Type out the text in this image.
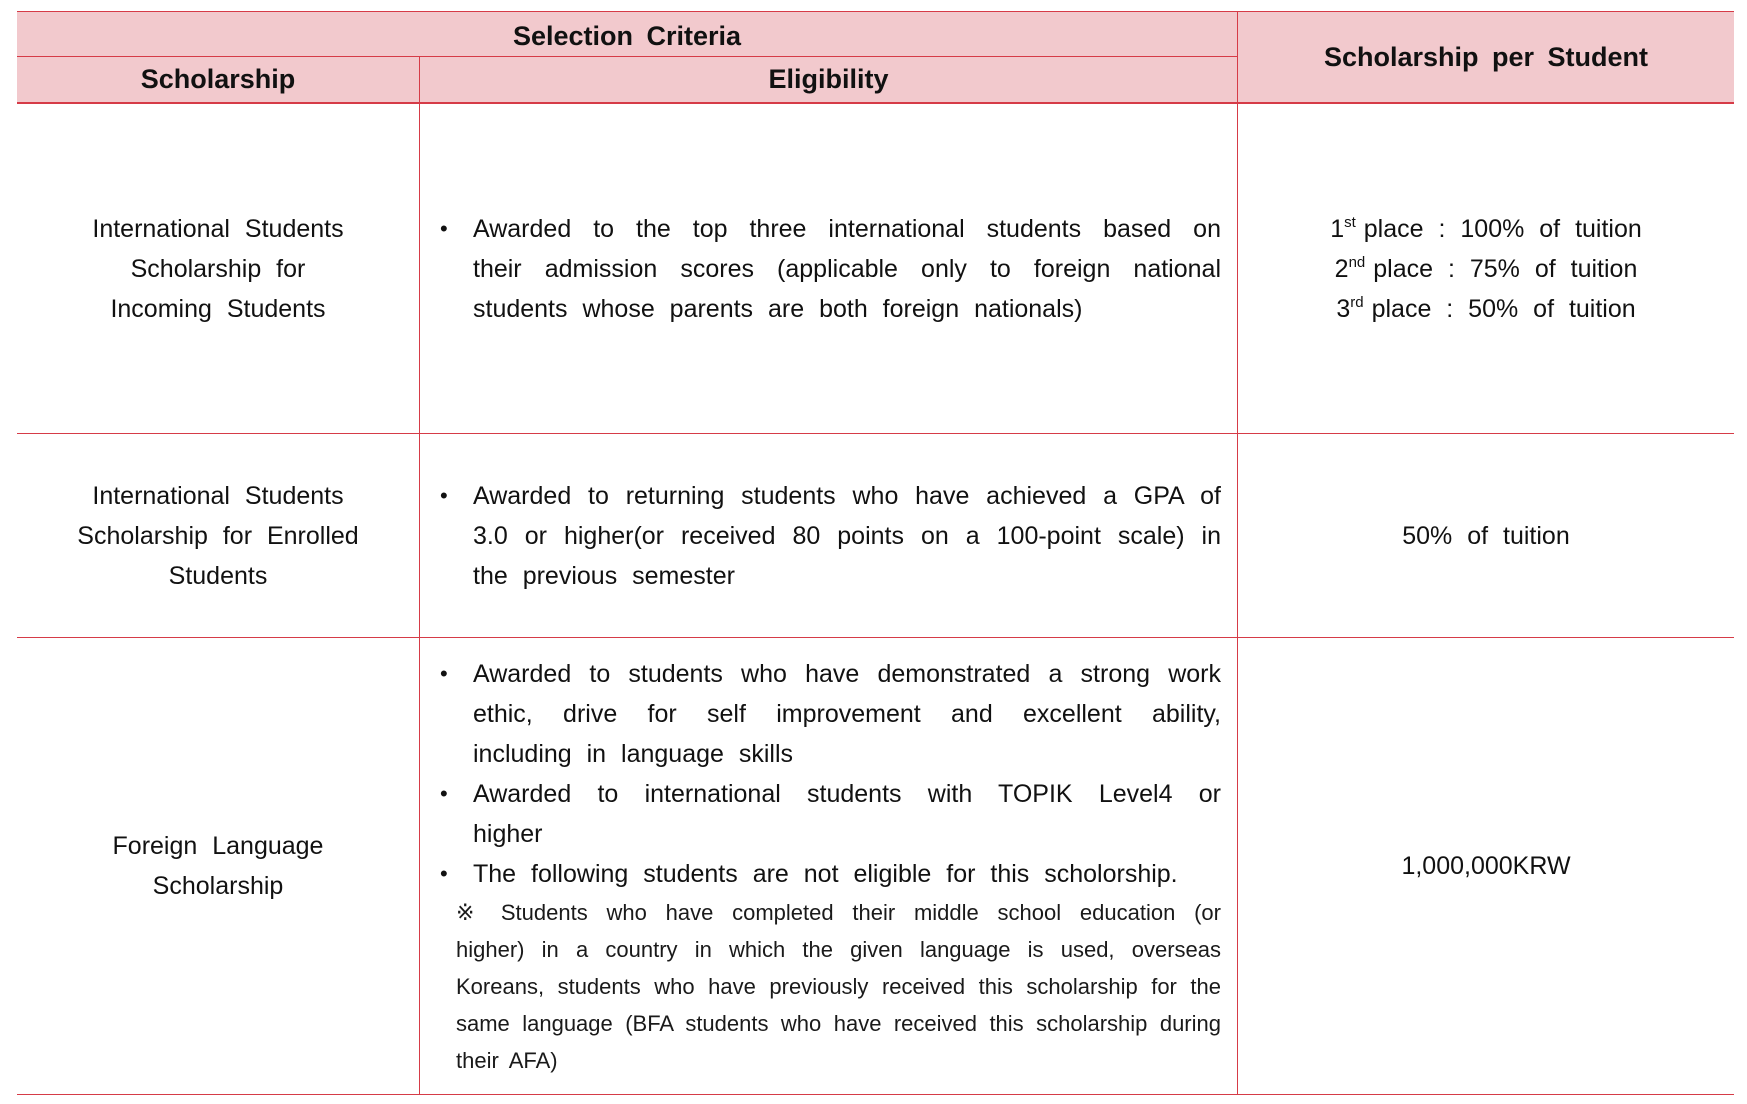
Selection Criteria
Scholarship per Student
Scholarship	Eligibility
International Students
Scholarship for
Incoming Students
• Awarded to the top three international students based on their admission scores (applicable only to foreign national students whose parents are both foreign nationals)
1st place : 100% of tuition
2nd place : 75% of tuition
3rd place : 50% of tuition
International Students
Scholarship for Enrolled
Students
• Awarded to returning students who have achieved a GPA of 3.0 or higher(or received 80 points on a 100-point scale) in the previous semester
50% of tuition
Foreign Language
Scholarship
• Awarded to students who have demonstrated a strong work ethic, drive for self improvement and excellent ability, including in language skills
• Awarded to international students with TOPIK Level4 or higher
• The following students are not eligible for this scholorship.
※ Students who have completed their middle school education (or higher) in a country in which the given language is used, overseas Koreans, students who have previously received this scholarship for the same language (BFA students who have received this scholarship during their AFA)
1,000,000KRW
